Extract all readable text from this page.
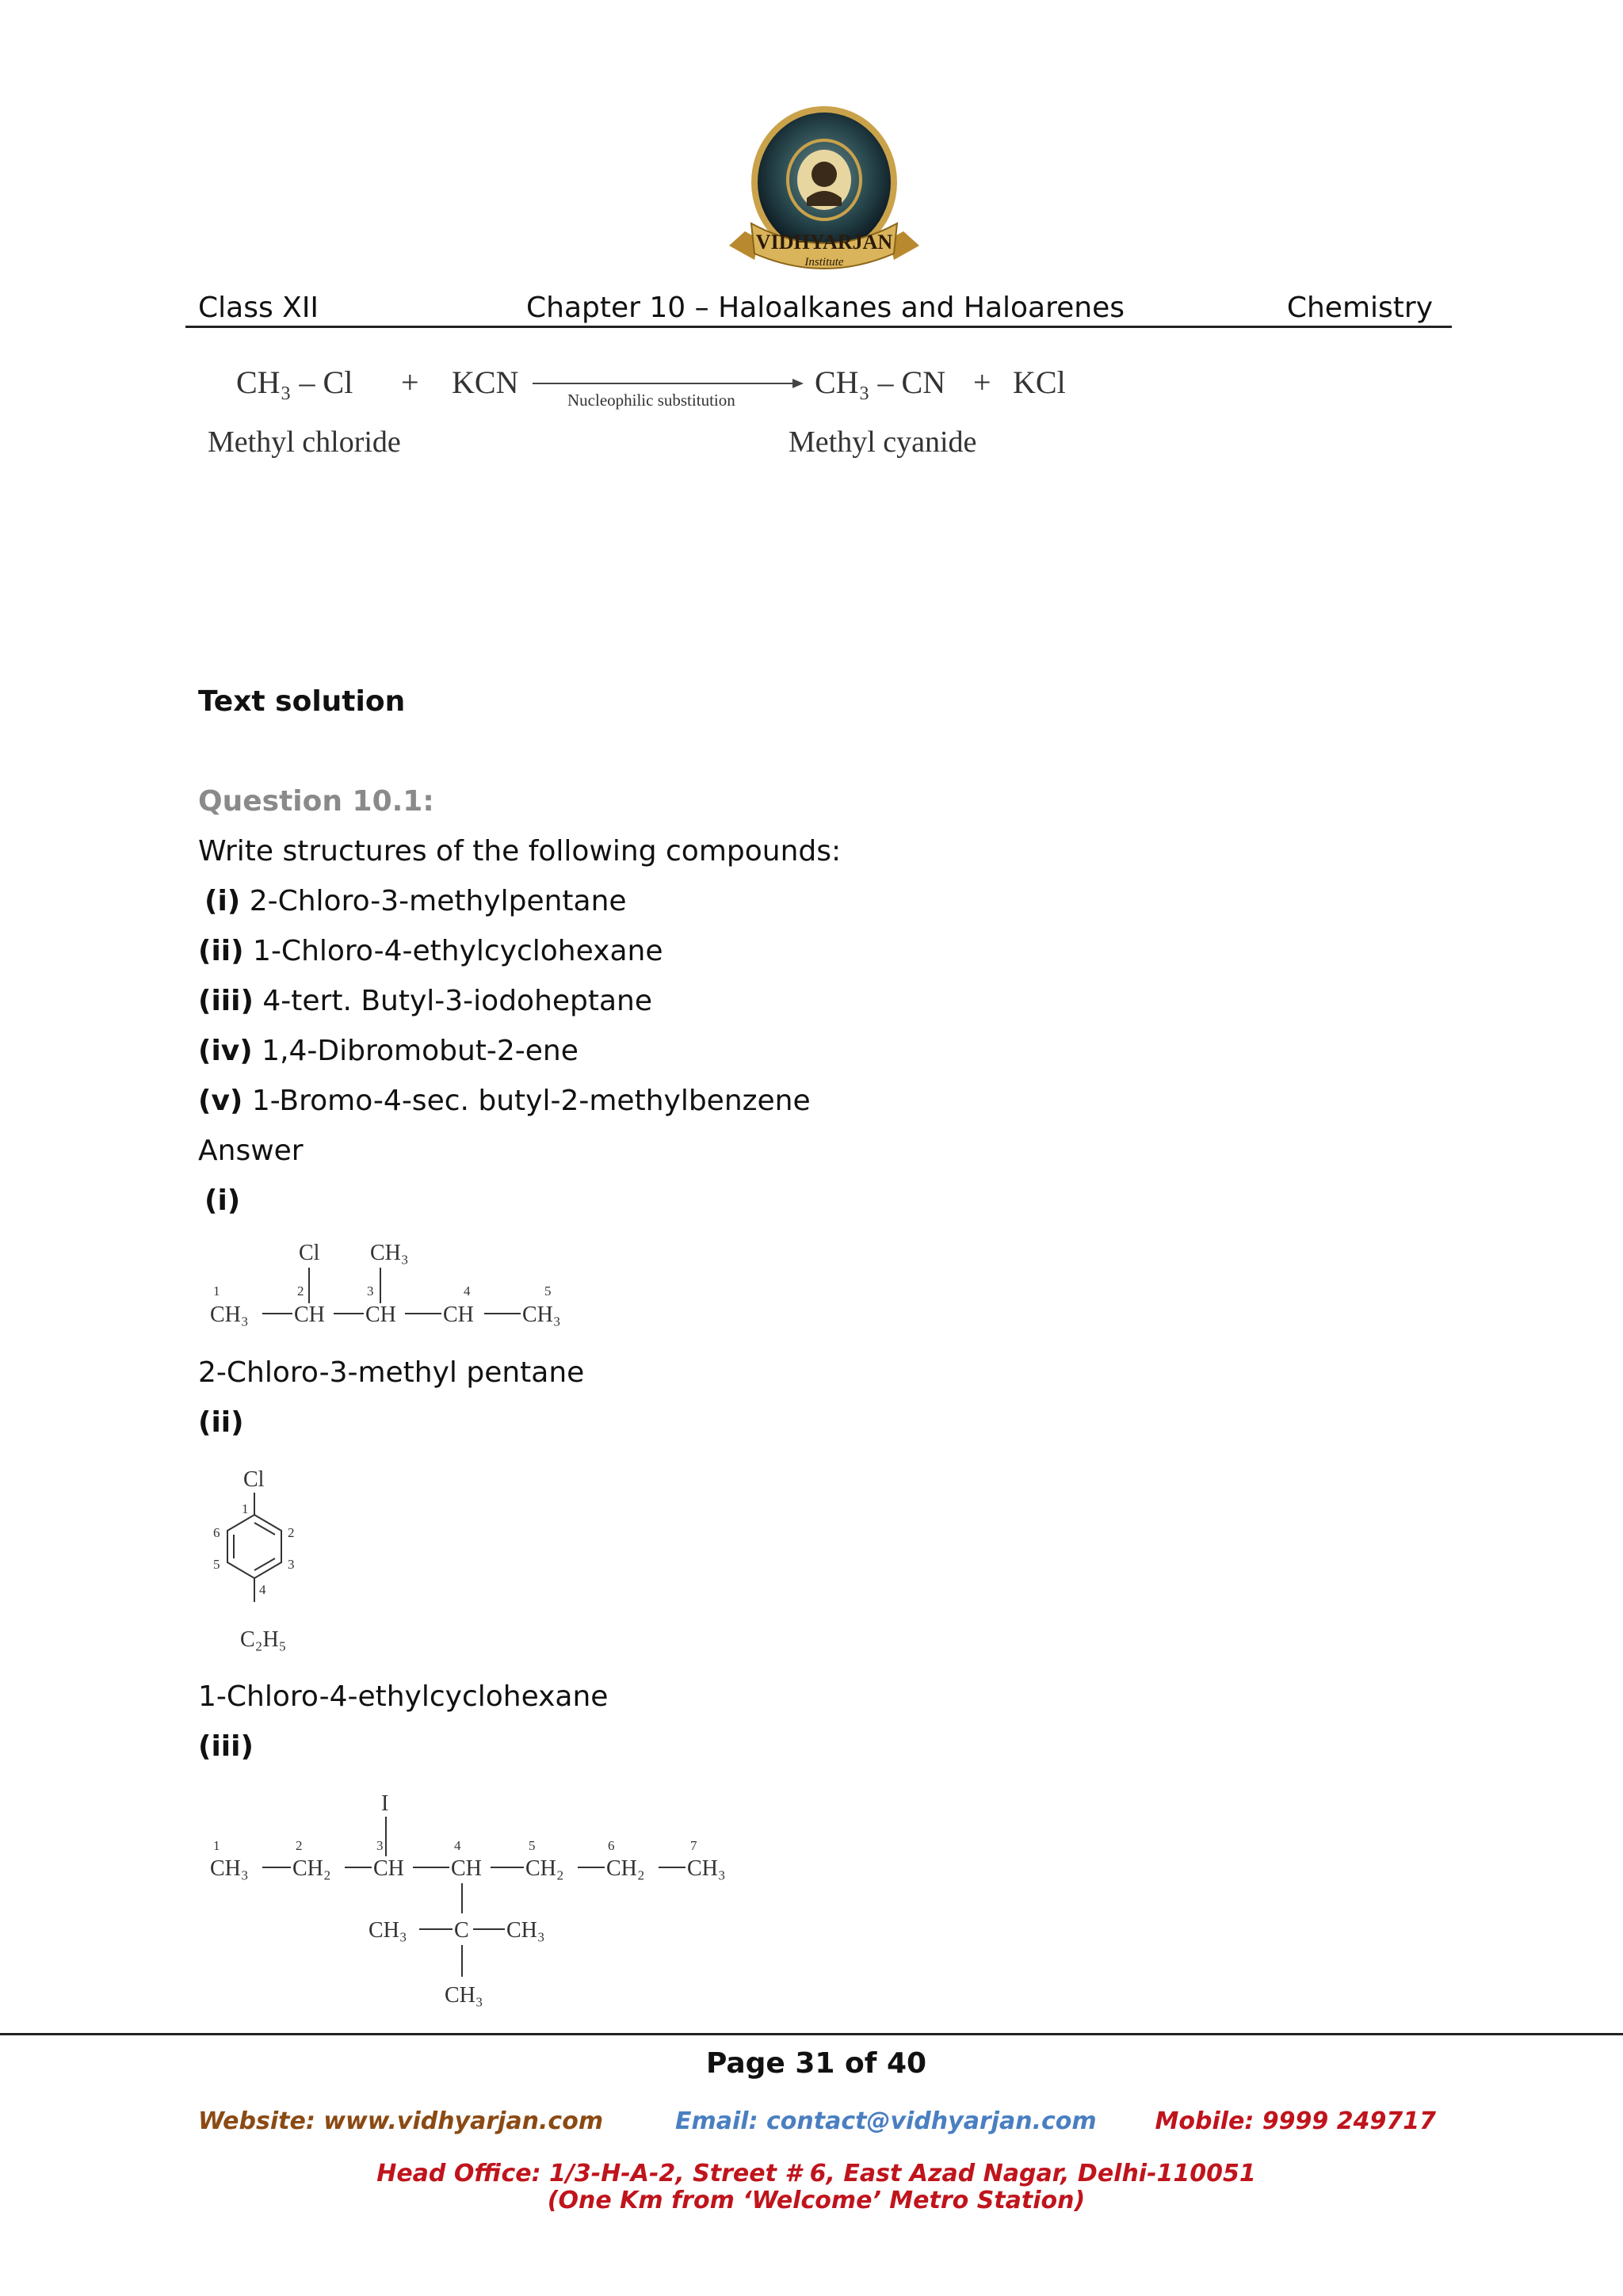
VIDHYARJAN
Institute
Class XII	Chapter 10 – Haloalkanes and Haloarenes	Chemistry
CH₃ – Cl + KCN	Nucleophilic substitution	CH₃ – CN + KCl
Methyl chloride	Methyl cyanide
Text solution
Question 10.1:
Write structures of the following compounds:
(i) 2-Chloro-3-methylpentane
(ii) 1-Chloro-4-ethylcyclohexane
(iii) 4-tert. Butyl-3-iodoheptane
(iv) 1,4-Dibromobut-2-ene
(v) 1-Bromo-4-sec. butyl-2-methylbenzene
Answer
(i)
Cl CH₃
1	2	3	4	5
CH₃ CH CH CH CH₃
2-Chloro-3-methyl pentane
(ii)
Cl
1
2
3
4
5
6
C₂H₅
1-Chloro-4-ethylcyclohexane
(iii)
I
1	2	3	4	5	6	7
CH₃ CH₂ CH CH CH₂ CH₂ CH₃
CH₃ C CH₃
CH₃
Page 31 of 40
Website: www.vidhyarjan.com	Email: contact@vidhyarjan.com Mobile: 9999 249717
Head Office: 1/3-H-A-2, Street # 6, East Azad Nagar, Delhi-110051
(One Km from ‘Welcome’ Metro Station)
